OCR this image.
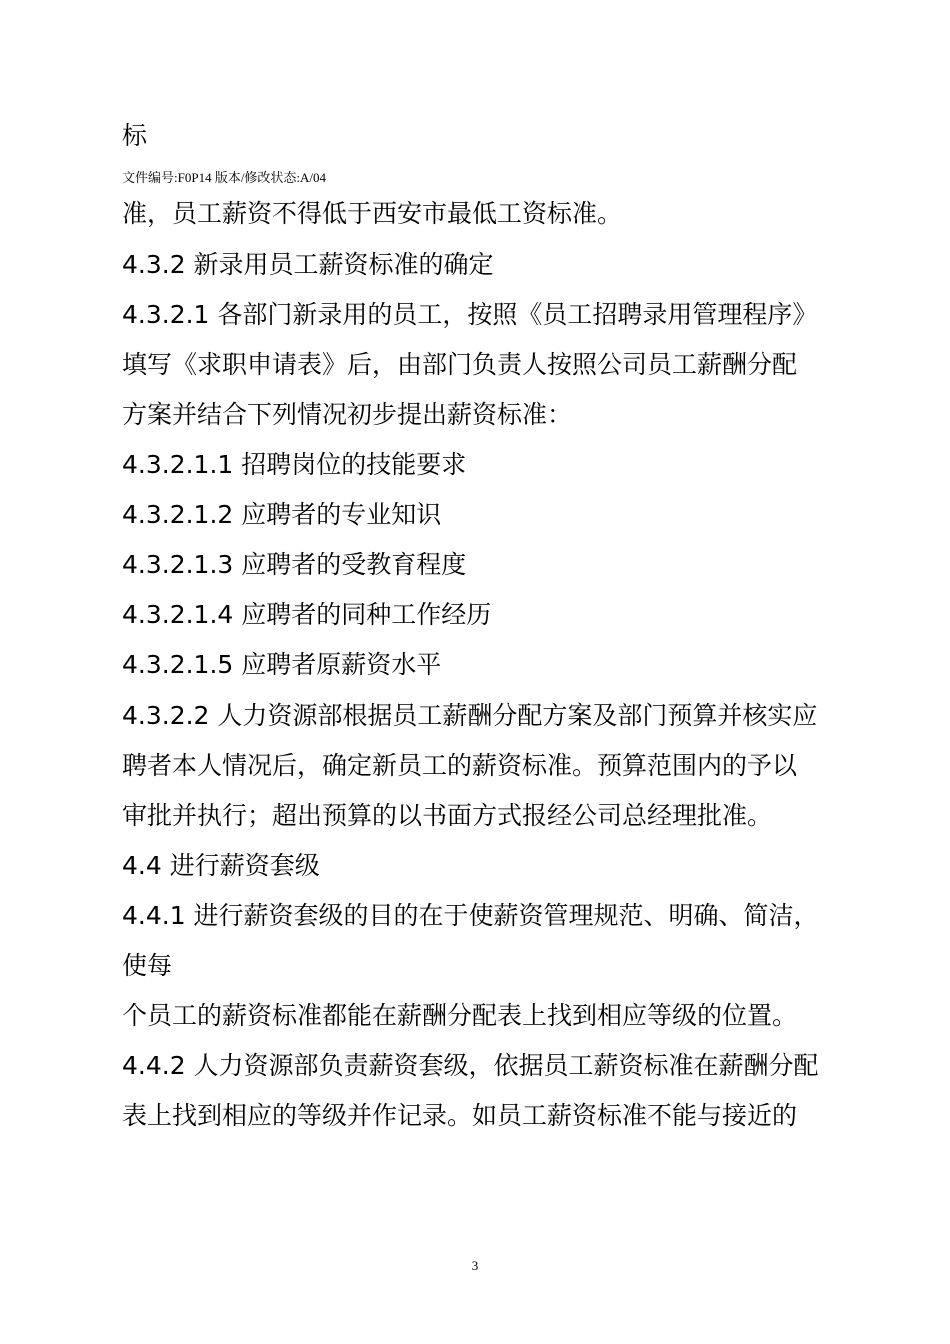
标
文件编号:F0P14 版本/修改状态:A/04
准，员工薪资不得低于西安市最低工资标准。
4.3.2 新录用员工薪资标准的确定
4.3.2.1 各部门新录用的员工，按照《员工招聘录用管理程序》
填写《求职申请表》后，由部门负责人按照公司员工薪酬分配
方案并结合下列情况初步提出薪资标准：
4.3.2.1.1 招聘岗位的技能要求
4.3.2.1.2 应聘者的专业知识
4.3.2.1.3 应聘者的受教育程度
4.3.2.1.4 应聘者的同种工作经历
4.3.2.1.5 应聘者原薪资水平
4.3.2.2 人力资源部根据员工薪酬分配方案及部门预算并核实应
聘者本人情况后，确定新员工的薪资标准。预算范围内的予以
审批并执行；超出预算的以书面方式报经公司总经理批准。
4.4 进行薪资套级
4.4.1 进行薪资套级的目的在于使薪资管理规范、明确、简洁，
使每
个员工的薪资标准都能在薪酬分配表上找到相应等级的位置。
4.4.2 人力资源部负责薪资套级，依据员工薪资标准在薪酬分配
表上找到相应的等级并作记录。如员工薪资标准不能与接近的
3
